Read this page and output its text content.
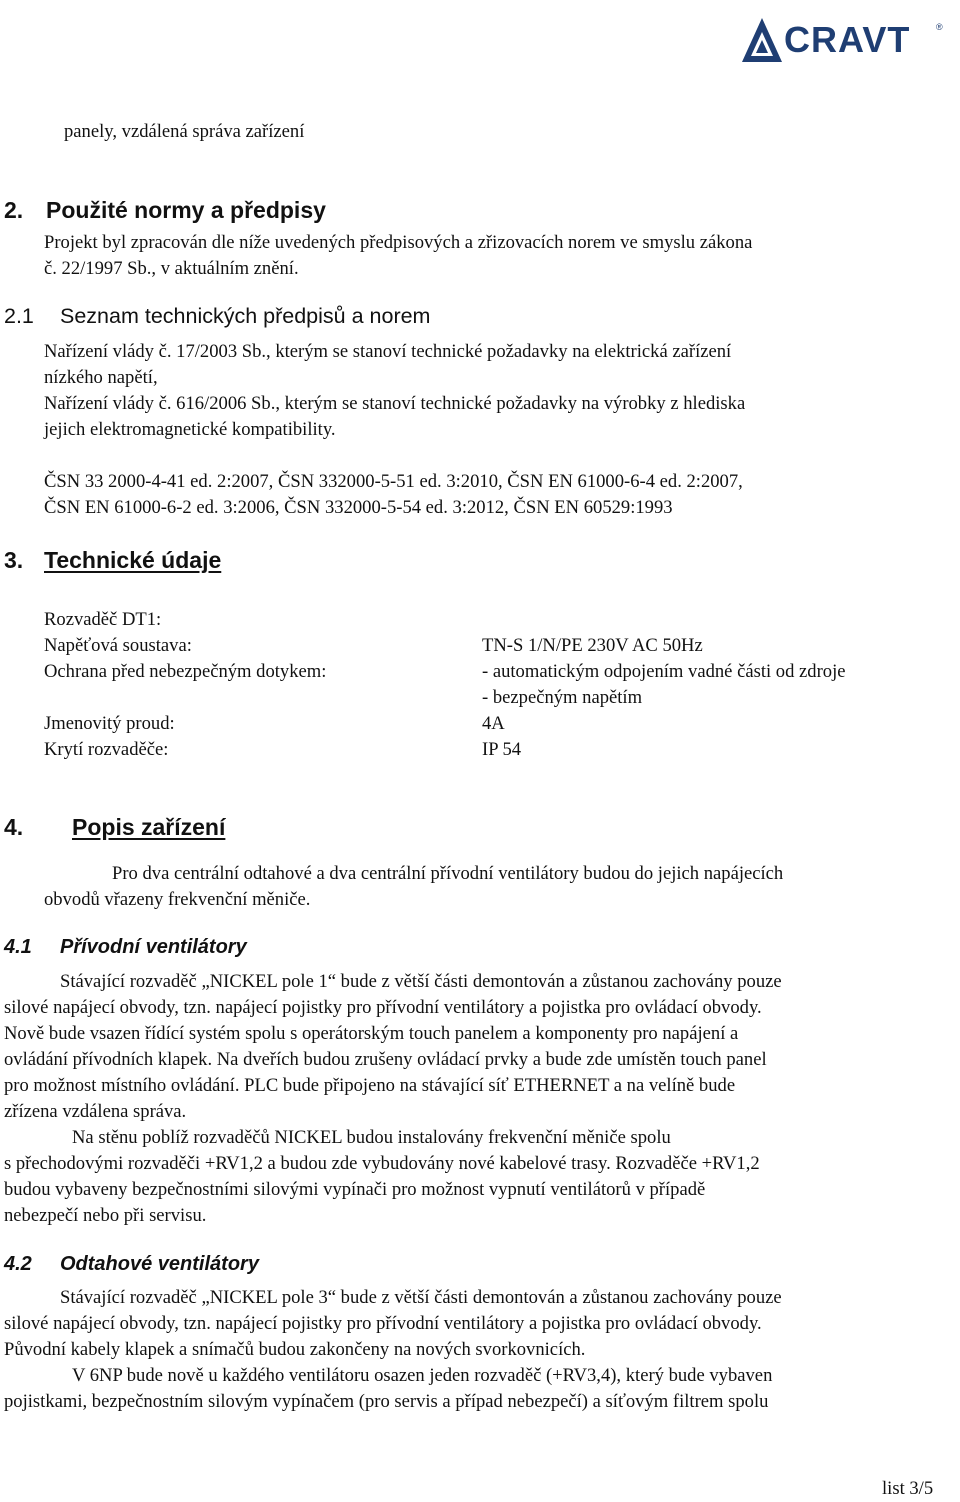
CRAVT	®
panely, vzdálená správa zařízení
2. Použité normy a předpisy
Projekt byl zpracován dle níže uvedených předpisových a zřizovacích norem ve smyslu zákona
č. 22/1997 Sb., v aktuálním znění.
2.1 Seznam technických předpisů a norem
Nařízení vlády č. 17/2003 Sb., kterým se stanoví technické požadavky na elektrická zařízení
nízkého napětí,
Nařízení vlády č. 616/2006 Sb., kterým se stanoví technické požadavky na výrobky z hlediska
jejich elektromagnetické kompatibility.
ČSN 33 2000-4-41 ed. 2:2007, ČSN 332000-5-51 ed. 3:2010, ČSN EN 61000-6-4 ed. 2:2007,
ČSN EN 61000-6-2 ed. 3:2006, ČSN 332000-5-54 ed. 3:2012, ČSN EN 60529:1993
3. Technické údaje
Rozvaděč DT1:
Napěťová soustava:	TN-S 1/N/PE 230V AC 50Hz
Ochrana před nebezpečným dotykem:	- automatickým odpojením vadné části od zdroje
- bezpečným napětím
Jmenovitý proud:	4A
Krytí rozvaděče:	IP 54
4. Popis zařízení
Pro dva centrální odtahové a dva centrální přívodní ventilátory budou do jejich napájecích
obvodů vřazeny frekvenční měniče.
4.1 Přívodní ventilátory
Stávající rozvaděč „NICKEL pole 1“ bude z větší části demontován a zůstanou zachovány pouze
silové napájecí obvody, tzn. napájecí pojistky pro přívodní ventilátory a pojistka pro ovládací obvody.
Nově bude vsazen řídící systém spolu s operátorským touch panelem a komponenty pro napájení a
ovládání přívodních klapek. Na dveřích budou zrušeny ovládací prvky a bude zde umístěn touch panel
pro možnost místního ovládání. PLC bude připojeno na stávající síť ETHERNET a na velíně bude
zřízena vzdálena správa.
Na stěnu poblíž rozvaděčů NICKEL budou instalovány frekvenční měniče spolu
s přechodovými rozvaděči +RV1,2 a budou zde vybudovány nové kabelové trasy. Rozvaděče +RV1,2
budou vybaveny bezpečnostními silovými vypínači pro možnost vypnutí ventilátorů v případě
nebezpečí nebo při servisu.
4.2 Odtahové ventilátory
Stávající rozvaděč „NICKEL pole 3“ bude z větší části demontován a zůstanou zachovány pouze
silové napájecí obvody, tzn. napájecí pojistky pro přívodní ventilátory a pojistka pro ovládací obvody.
Původní kabely klapek a snímačů budou zakončeny na nových svorkovnicích.
V 6NP bude nově u každého ventilátoru osazen jeden rozvaděč (+RV3,4), který bude vybaven
pojistkami, bezpečnostním silovým vypínačem (pro servis a případ nebezpečí) a síťovým filtrem spolu
list 3/5
